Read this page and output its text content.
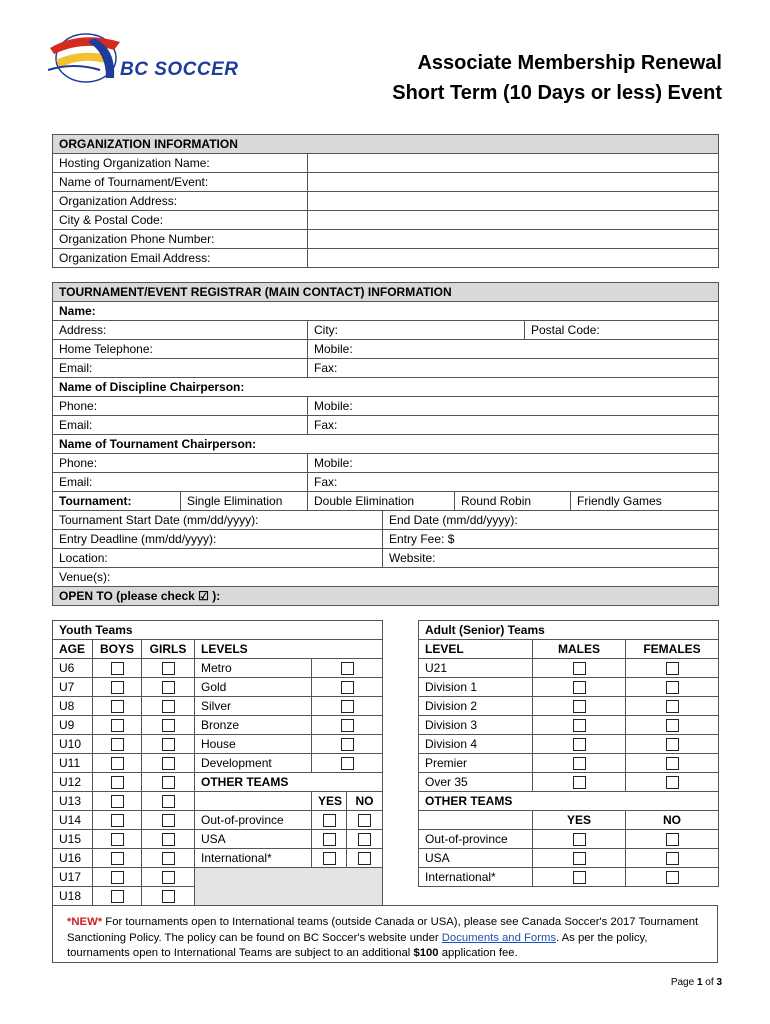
BC SOCCER	Associate Membership Renewal
Short Term (10 Days or less) Event
ORGANIZATION INFORMATION	
Hosting Organization Name:	
Name of Tournament/Event:	
Organization Address:	
City & Postal Code:	
Organization Phone Number:	
Organization Email Address:	
TOURNAMENT/EVENT REGISTRAR (MAIN CONTACT) INFORMATION						
Name:						
Address:		City:			Postal Code:	
Home Telephone:		Mobile:				
Email:		Fax:				
Name of Discipline Chairperson:						
Phone:		Mobile:				
Email:		Fax:				
Name of Tournament Chairperson:						
Phone:		Mobile:				
Email:		Fax:				
Tournament:	Single Elimination	Double Elimination		Round Robin		Friendly Games
Tournament Start Date (mm/dd/yyyy):			End Date (mm/dd/yyyy):			
Entry Deadline (mm/dd/yyyy):			Entry Fee: $			
Location:			Website:			
Venue(s):						
OPEN TO (please check ☑ ):						
Youth Teams					
AGE	BOYS	GIRLS	LEVELS		
U6			Metro		
U7			Gold		
U8			Silver		
U9			Bronze		
U10			House		
U11			Development		
U12			OTHER TEAMS		
U13				YES	NO
U14			Out-of-province		
U15			USA		
U16			International*		
U17					
U18					
Adult (Senior) Teams		
LEVEL	MALES	FEMALES
U21		
Division 1		
Division 2		
Division 3		
Division 4		
Premier		
Over 35		
OTHER TEAMS		
	YES	NO
Out-of-province		
USA		
International*		
*NEW* For tournaments open to International teams (outside Canada or USA), please see Canada Soccer's 2017 Tournament Sanctioning Policy. The policy can be found on BC Soccer's website under Documents and Forms. As per the policy, tournaments open to International Teams are subject to an additional $100 application fee.
Page 1 of 3
